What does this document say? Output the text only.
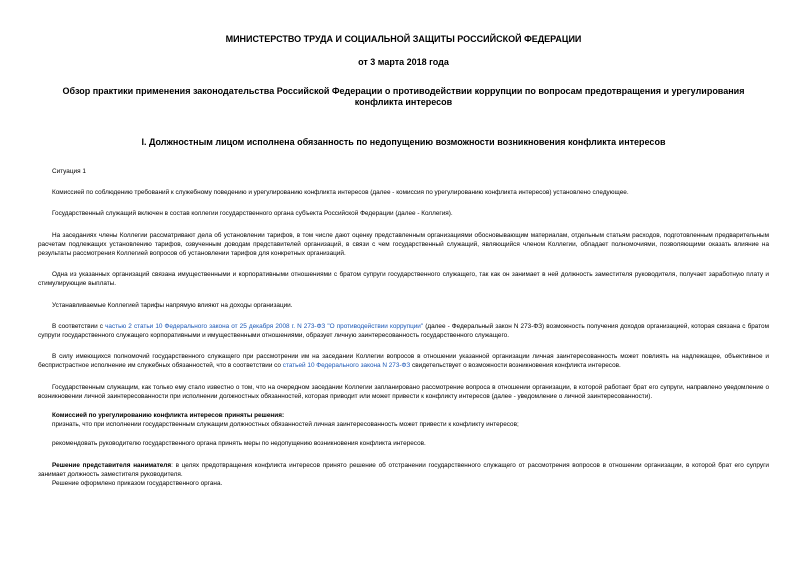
МИНИСТЕРСТВО ТРУДА И СОЦИАЛЬНОЙ ЗАЩИТЫ РОССИЙСКОЙ ФЕДЕРАЦИИ
от 3 марта 2018 года
Обзор практики применения законодательства Российской Федерации о противодействии коррупции по вопросам предотвращения и урегулирования конфликта интересов
I. Должностным лицом исполнена обязанность по недопущению возможности возникновения конфликта интересов

Ситуация 1

Комиссией по соблюдению требований к служебному поведению и урегулированию конфликта интересов (далее - комиссия по урегулированию конфликта интересов) установлено следующее.

Государственный служащий включен в состав коллегии государственного органа субъекта Российской Федерации (далее - Коллегия).

На заседаниях члены Коллегии рассматривают дела об установлении тарифов, в том числе дают оценку представленным организациями обосновывающим материалам, отдельным статьям расходов, подготовленным предварительным расчетам подлежащих установлению тарифов, озвученным доводам представителей организаций, в связи с чем государственный служащий, являющийся членом Коллегии, обладает полномочиями, позволяющими оказать влияние на результаты рассмотрения Коллегией вопросов об установлении тарифов для конкретных организаций.

Одна из указанных организаций связана имущественными и корпоративными отношениями с братом супруги государственного служащего, так как он занимает в ней должность заместителя руководителя, получает заработную плату и стимулирующие выплаты.

Устанавливаемые Коллегией тарифы напрямую влияют на доходы организации.

В соответствии с частью 2 статьи 10 Федерального закона от 25 декабря 2008 г. N 273-ФЗ "О противодействии коррупции" (далее - Федеральный закон N 273-ФЗ) возможность получения доходов организацией, которая связана с братом супруги государственного служащего корпоративными и имущественными отношениями, образует личную заинтересованность государственного служащего.

В силу имеющихся полномочий государственного служащего при рассмотрении им на заседании Коллегии вопросов в отношении указанной организации личная заинтересованность может повлиять на надлежащее, объективное и беспристрастное исполнение им служебных обязанностей, что в соответствии со статьей 10 Федерального закона N 273-ФЗ свидетельствует о возможности возникновения конфликта интересов.

Государственным служащим, как только ему стало известно о том, что на очередном заседании Коллегии запланировано рассмотрение вопроса в отношении организации, в которой работает брат его супруги, направлено уведомление о возникновении личной заинтересованности при исполнении должностных обязанностей, которая приводит или может привести к конфликту интересов (далее - уведомление о личной заинтересованности).

Комиссией по урегулированию конфликта интересов приняты решения:

признать, что при исполнении государственным служащим должностных обязанностей личная заинтересованность может привести к конфликту интересов;

рекомендовать руководителю государственного органа принять меры по недопущению возникновения конфликта интересов.

Решение представителя нанимателя: в целях предотвращения конфликта интересов принято решение об отстранении государственного служащего от рассмотрения вопросов в отношении организации, в которой брат его супруги занимает должность заместителя руководителя.

Решение оформлено приказом государственного органа.
